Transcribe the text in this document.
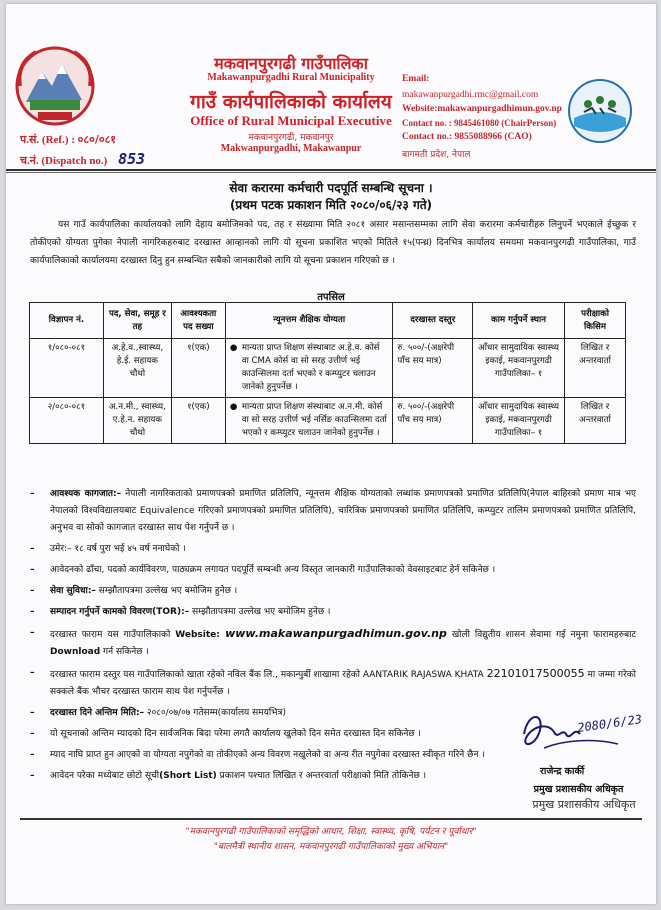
मकवानपुरगढी गाउँपालिका
Makawanpurgadhi Rural Municipality
गाउँ कार्यपालिकाको कार्यालय
Office of Rural Municipal Executive
मकवानपुरगढी, मकवानपुर
Makwanpurgadhi, Makawanpur
प.सं. (Ref.) : ०८०/०८१
च.नं. (Dispatch no.) 853
Email:
makawanpurgadhi.rmc@gmail.com
Website:makawanpurgadhimun.gov.np
Contact no. : 9845461080 (ChairPerson)
Contact no.: 9855088966 (CAO)
बागमती प्रदेश, नेपाल
सेवा करारमा कर्मचारी पदपूर्ति सम्बन्धि सूचना ।
(प्रथम पटक प्रकाशन मिति २०८०/०६/२३ गते)
यस गाउँ कार्यपालिका कार्यालयको लागि देहाय बमोजिमको पद, तह र संख्यामा मिति २०८१ असार मसान्तसम्मका लागि सेवा करारमा कर्मचारीहरु लिनुपर्ने भएकाले ईच्छुक र तोकीएको योग्यता पुगेका नेपाली नागरिकहरुबाट दरखास्त आव्हानको लागि यो सूचना प्रकाशित भएको मितिले १५(पन्ध्र) दिनभित्र कार्यालय समयमा मकवानपुरगढी गाउँपालिका, गाउँ कार्यपालिकाको कार्यालयमा दरखास्त दिनु हुन सम्बन्धित सबैको जानकारीको लागि यो सूचना प्रकाशन गरिएको छ ।
तपसिल
विज्ञापन नं.	पद, सेवा, समूह र तह	आवश्यकता पद सख्या	न्यूनत्तम शैक्षिक योग्यता	दरखास्त दस्तुर	काम गर्नुपर्ने स्थान	परीक्षाको किसिम
१/०८०-०८१	अ.हे.व.,स्वास्थ्य, हे.ई. सहायक चौथो	१(एक)	● मान्यता प्राप्त शिक्षण संस्थाबाट अ.हे.व. कोर्स वा CMA कोर्स वा सो सरह उत्तीर्ण भई काउन्सिलमा दर्ता भएको र कम्प्युटर चलाउन जानेको हुनुपर्नेछ ।	रु. ५००/-(अक्षरेपी पाँच सय मात्र)	आँधार सामुदायिक स्वास्थ्य इकाई, मकवानपुरगढी गाउँपालिका– १	लिखित र अन्तरवार्ता
२/०८०-०८१	अ.न.मी., स्वास्थ्य, ए.हे.न. सहायक चौथो	१(एक)	● मान्यता प्राप्त शिक्षण संस्थाबाट अ.न.मी. कोर्स वा सो सरह उत्तीर्ण भई नर्सिङ काउन्सिलमा दर्ता भएको र कम्प्युटर चलाउन जानेको हुनुपर्नेछ ।	रु. ५००/-(अक्षरेपी पाँच सय मात्र)	आँधार सामुदायिक स्वास्थ्य इकाई, मकवानपुरगढी गाउँपालिका– १	लिखित र अन्तरवार्ता
– आवश्यक कागजात:– नेपाली नागरिकताको प्रमाणपत्रको प्रमाणित प्रतिलिपि, न्यूनत्तम शैक्षिक योग्यताको लब्धांक प्रमाणपत्रको प्रमाणित प्रतिलिपि(नेपाल बाहिरको प्रमाण मात्र भए नेपालको विश्वविद्यालयबाट Equivalence गरिएको प्रमाणपत्रको प्रमाणित प्रतिलिपि), चारित्रिक प्रमाणपत्रको प्रमाणित प्रतिलिपि, कम्प्युटर तालिम प्रमाणपत्रको प्रमाणित प्रतिलिपि, अनुभव वा सोको कागजात दरखास्त साथ पेश गर्नुपर्ने छ ।
– उमेर:– १८ वर्ष पुरा भई ४५ वर्ष ननाघेको ।
– आवेदनको ढाँचा, पदको कार्यविवरण, पाठ्यक्रम लगायत पदपूर्ति सम्बन्धी अन्य विस्तृत जानकारी गाउँपालिकाको वेवसाइटबाट हेर्न सकिनेछ ।
– सेवा सुविधा:– सम्झौतापत्रमा उल्लेख भए बमोजिम हुनेछ ।
– सम्पादन गर्नुपर्ने कामको विवरण(TOR):– सम्झौतापत्रमा उल्लेख भए बमोजिम हुनेछ ।
– दरखास्त फाराम यस गाउँपालिकाको Website: www.makawanpurgadhimun.gov.np खोली विद्युतीय शासन सेवामा गई नमुना फारामहरुबाट Download गर्न सकिनेछ ।
– दरखास्त फाराम दस्तुर यस गाउँपालिकाको खाता रहेको नविल बैंक लि., मकान्पुर्बी शाखामा रहेको AANTARIK RAJASWA KHATA 22101017500055 मा जम्मा गरेको सक्कले बैंक भौचर दरखास्त फाराम साथ पेश गर्नुपर्नेछ ।
– दरखास्त दिने अन्तिम मिति:– २०८०/०७/०७ गतेसम्म(कार्यालय समयभित्र)
– यो सूचनाको अन्तिम म्यादको दिन सार्वजनिक बिदा परेमा लगतै कार्यालय खुलेको दिन समेत दरखास्त दिन सकिनेछ ।
– म्याद नाघि प्राप्त हुन आएको वा योग्यता नपुगेको वा तोकीएको अन्य विवरण नखुलेको वा अन्य रीत नपुगेका दरखास्त स्वीकृत गरिने छैन ।
– आवेदन परेका मध्येबाट छोटो सूची(Short List) प्रकाशन पश्चात लिखित र अन्तरवार्ता परीक्षाको मिति तोकिनेछ ।
2080/6/23
राजेन्द्र कार्की
प्रमुख प्रशासकीय अधिकृत
प्रमुख प्रशासकीय अधिकृत
"मकवानपुरगढी गाउँपालिकाको समृद्धिको आधार, शिक्षा, स्वास्थ्य, कृषि, पर्यटन र पूर्वाधार"
"बालमैत्री स्थानीय शासन, मकवानपुरगढी गाउँपालिकाको मुख्य अभियान"
